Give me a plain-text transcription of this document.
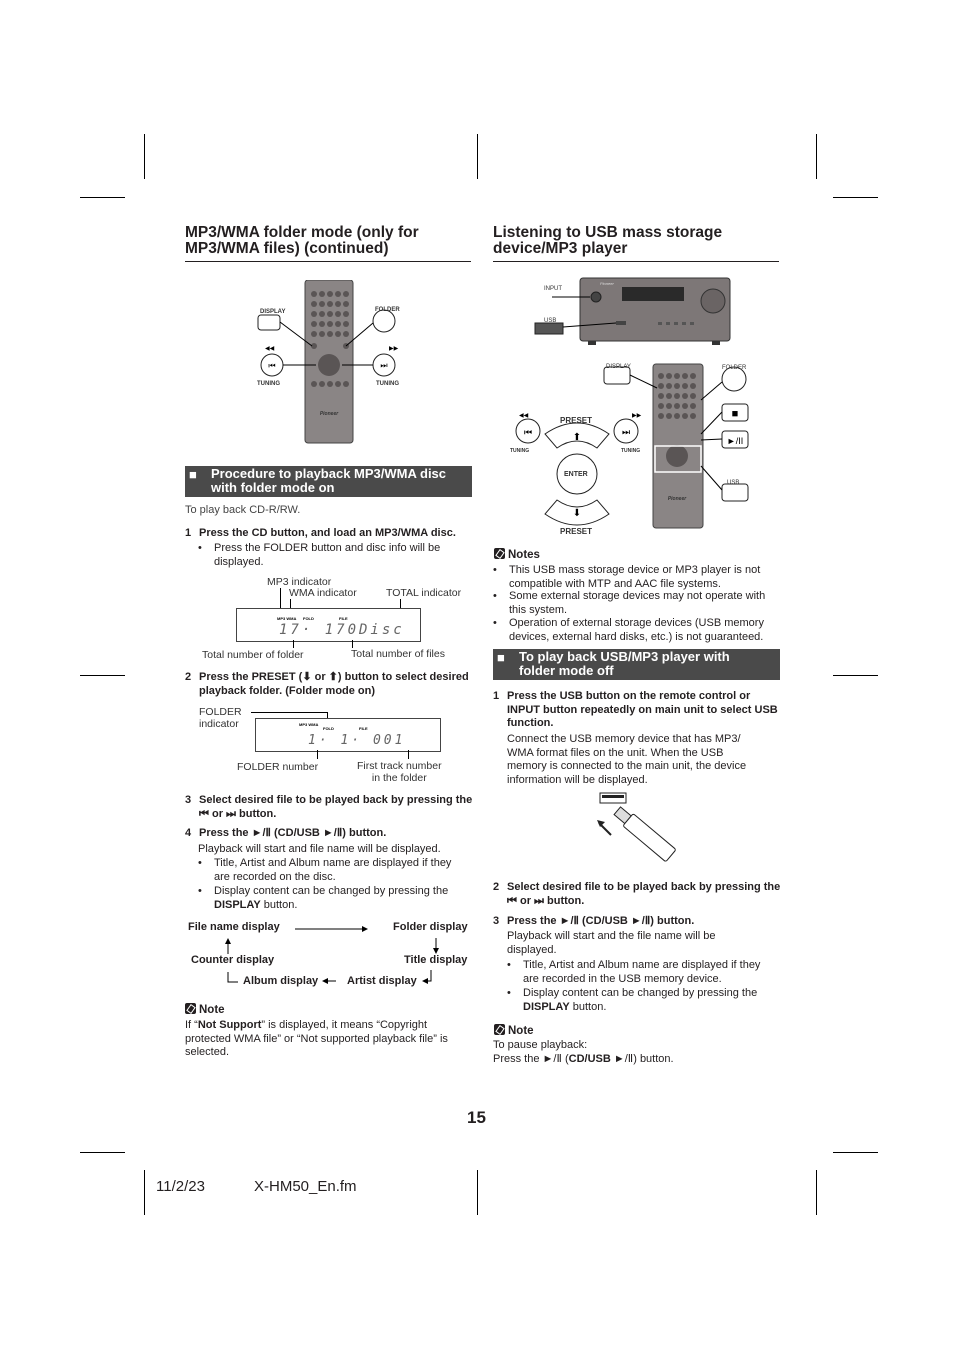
MP3/WMA folder mode (only for
MP3/WMA files) (continued)
Pioneer
⏮	⏭
◀◀	▶▶
DISPLAY	FOLDER
TUNING	TUNING
■ Procedure to playback MP3/WMA disc
with folder mode on
To play back CD-R/RW.
1 Press the CD button, and load an MP3/WMA disc.
• Press the FOLDER button and disc info will be
displayed.
MP3 indicator
WMA indicator	TOTAL indicator
MP3 WMA FOLD	FILE
17· 170Disc
Total number of folder	Total number of files
2 Press the PRESET (⬇ or ⬆) button to select desired
playback folder. (Folder mode on)
FOLDER
indicator	MP3 WMA
FOLD	FILE
1· 1· 001
FOLDER number	First track number
in the folder
3 Select desired file to be played back by pressing the
⏮ or ⏭ button.
4 Press the ►/Ⅱ (CD/USB ►/Ⅱ) button.
Playback will start and file name will be displayed.
• Title, Artist and Album name are displayed if they
are recorded on the disc.
• Display content can be changed by pressing the
DISPLAY button.
File name display	Folder display
Counter display	Title display
Album display	Artist display
Note
If “Not Support” is displayed, it means “Copyright
protected WMA file” or “Not supported playback file” is
selected.
Listening to USB mass storage
device/MP3 player
Pioneer
INPUT
USB
Pioneer
■
►/II
⏮	⏭
⬆
⬇
◀◀	▶▶
DISPLAY	FOLDER
PRESET
ENTER
PRESET
TUNING	TUNING
USB
Notes
• This USB mass storage device or MP3 player is not
compatible with MTP and AAC file systems.
• Some external storage devices may not operate with
this system.
• Operation of external storage devices (USB memory
devices, external hard disks, etc.) is not guaranteed.
■ To play back USB/MP3 player with
folder mode off
1 Press the USB button on the remote control or
INPUT button repeatedly on main unit to select USB
function.
Connect the USB memory device that has MP3/
WMA format files on the unit. When the USB
memory is connected to the main unit, the device
information will be displayed.
2 Select desired file to be played back by pressing the
⏮ or ⏭ button.
3 Press the ►/Ⅱ (CD/USB ►/Ⅱ) button.
Playback will start and the file name will be
displayed.
• Title, Artist and Album name are displayed if they
are recorded in the USB memory device.
• Display content can be changed by pressing the
DISPLAY button.
Note
To pause playback:
Press the ►/Ⅱ (CD/USB ►/Ⅱ) button.
15
11/2/23	X-HM50_En.fm
